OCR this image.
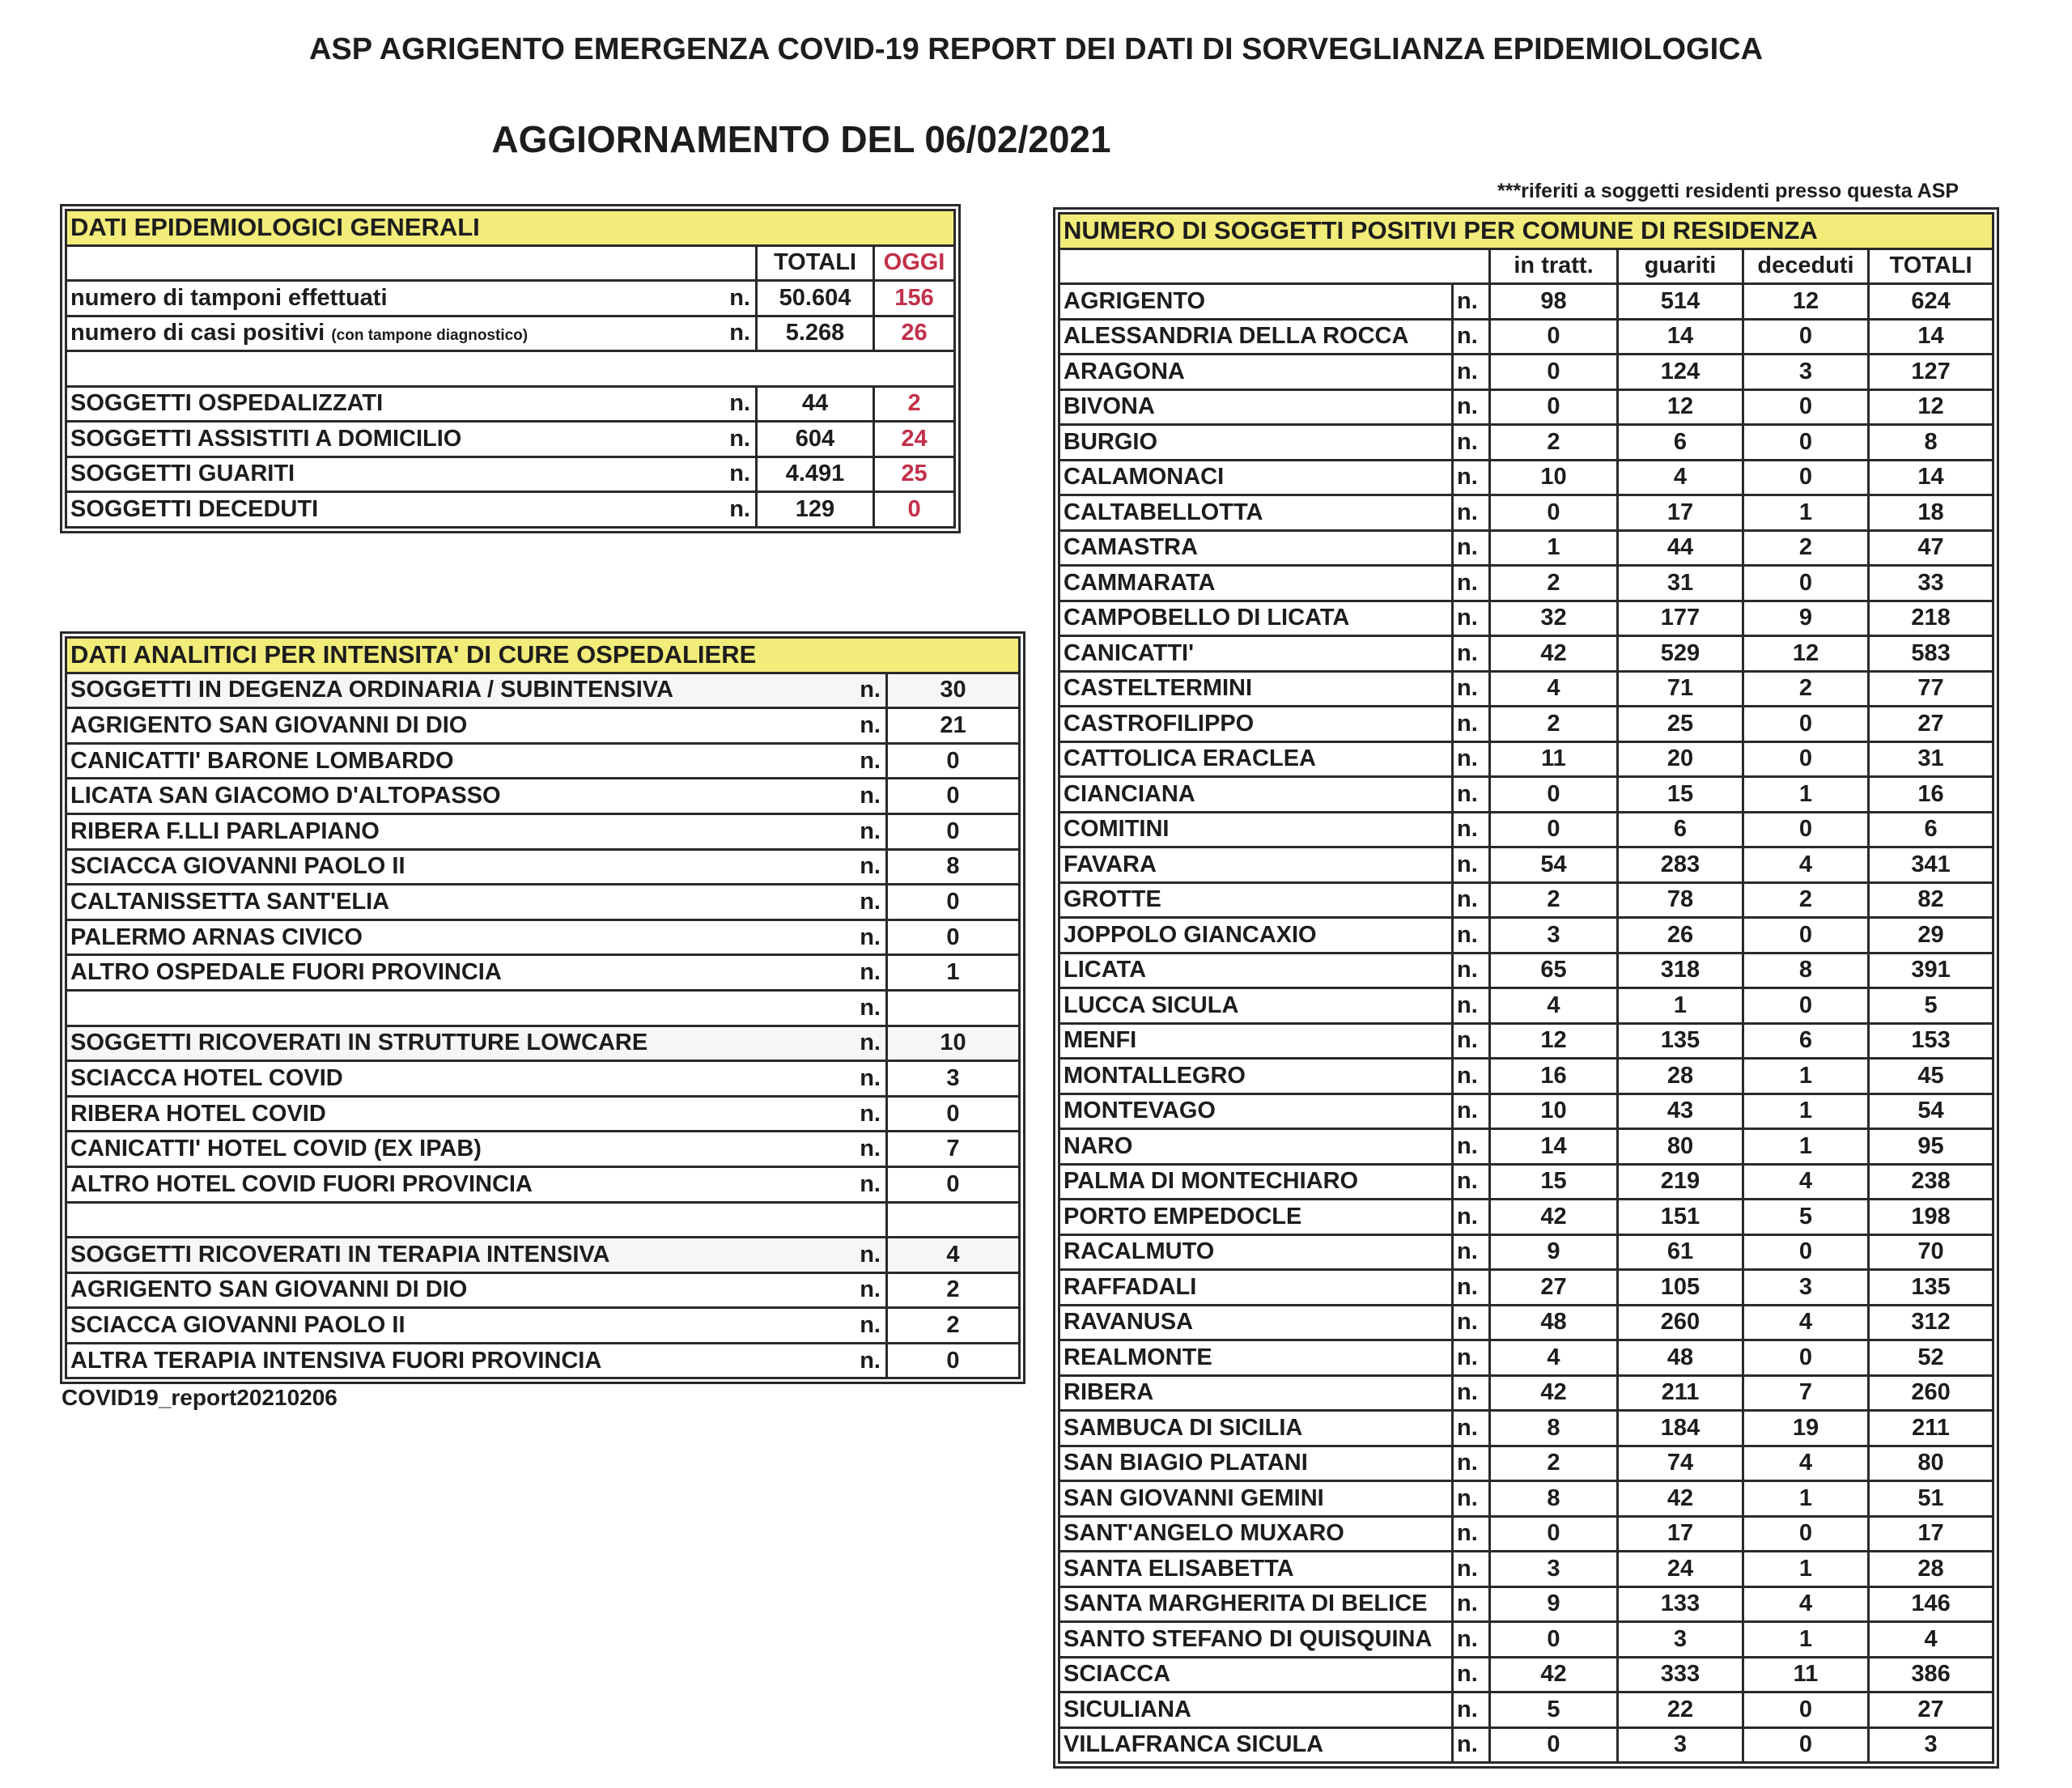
ASP AGRIGENTO EMERGENZA COVID-19 REPORT DEI DATI DI SORVEGLIANZA EPIDEMIOLOGICA
AGGIORNAMENTO DEL 06/02/2021
***riferiti a soggetti residenti presso questa ASP
DATI EPIDEMIOLOGICI GENERALI			
		TOTALI	OGGI
numero di tamponi effettuati	n.	50.604	156
numero di casi positivi (con tampone diagnostico)	n.	5.268	26

SOGGETTI OSPEDALIZZATI	n.	44	2
SOGGETTI ASSISTITI A DOMICILIO	n.	604	24
SOGGETTI GUARITI	n.	4.491	25
SOGGETTI DECEDUTI	n.	129	0
DATI ANALITICI PER INTENSITA' DI CURE OSPEDALIERE		
SOGGETTI IN DEGENZA ORDINARIA / SUBINTENSIVA	n.	30
AGRIGENTO SAN GIOVANNI DI DIO	n.	21
CANICATTI' BARONE LOMBARDO	n.	0
LICATA SAN GIACOMO D'ALTOPASSO	n.	0
RIBERA F.LLI PARLAPIANO	n.	0
SCIACCA GIOVANNI PAOLO II	n.	8
CALTANISSETTA SANT'ELIA	n.	0
PALERMO ARNAS CIVICO	n.	0
ALTRO OSPEDALE FUORI PROVINCIA	n.	1
	n.	
SOGGETTI RICOVERATI IN STRUTTURE LOWCARE	n.	10
SCIACCA HOTEL COVID	n.	3
RIBERA HOTEL COVID	n.	0
CANICATTI' HOTEL COVID (EX IPAB)	n.	7
ALTRO HOTEL COVID FUORI PROVINCIA	n.	0

SOGGETTI RICOVERATI IN TERAPIA INTENSIVA	n.	4
AGRIGENTO SAN GIOVANNI DI DIO	n.	2
SCIACCA GIOVANNI PAOLO II	n.	2
ALTRA TERAPIA INTENSIVA FUORI PROVINCIA	n.	0
COVID19_report20210206
NUMERO DI SOGGETTI POSITIVI PER COMUNE DI RESIDENZA					
		in tratt.	guariti	deceduti	TOTALI
AGRIGENTO	n.	98	514	12	624
ALESSANDRIA DELLA ROCCA	n.	0	14	0	14
ARAGONA	n.	0	124	3	127
BIVONA	n.	0	12	0	12
BURGIO	n.	2	6	0	8
CALAMONACI	n.	10	4	0	14
CALTABELLOTTA	n.	0	17	1	18
CAMASTRA	n.	1	44	2	47
CAMMARATA	n.	2	31	0	33
CAMPOBELLO DI LICATA	n.	32	177	9	218
CANICATTI'	n.	42	529	12	583
CASTELTERMINI	n.	4	71	2	77
CASTROFILIPPO	n.	2	25	0	27
CATTOLICA ERACLEA	n.	11	20	0	31
CIANCIANA	n.	0	15	1	16
COMITINI	n.	0	6	0	6
FAVARA	n.	54	283	4	341
GROTTE	n.	2	78	2	82
JOPPOLO GIANCAXIO	n.	3	26	0	29
LICATA	n.	65	318	8	391
LUCCA SICULA	n.	4	1	0	5
MENFI	n.	12	135	6	153
MONTALLEGRO	n.	16	28	1	45
MONTEVAGO	n.	10	43	1	54
NARO	n.	14	80	1	95
PALMA DI MONTECHIARO	n.	15	219	4	238
PORTO EMPEDOCLE	n.	42	151	5	198
RACALMUTO	n.	9	61	0	70
RAFFADALI	n.	27	105	3	135
RAVANUSA	n.	48	260	4	312
REALMONTE	n.	4	48	0	52
RIBERA	n.	42	211	7	260
SAMBUCA DI SICILIA	n.	8	184	19	211
SAN BIAGIO PLATANI	n.	2	74	4	80
SAN GIOVANNI GEMINI	n.	8	42	1	51
SANT'ANGELO MUXARO	n.	0	17	0	17
SANTA ELISABETTA	n.	3	24	1	28
SANTA MARGHERITA DI BELICE	n.	9	133	4	146
SANTO STEFANO DI QUISQUINA	n.	0	3	1	4
SCIACCA	n.	42	333	11	386
SICULIANA	n.	5	22	0	27
VILLAFRANCA SICULA	n.	0	3	0	3
